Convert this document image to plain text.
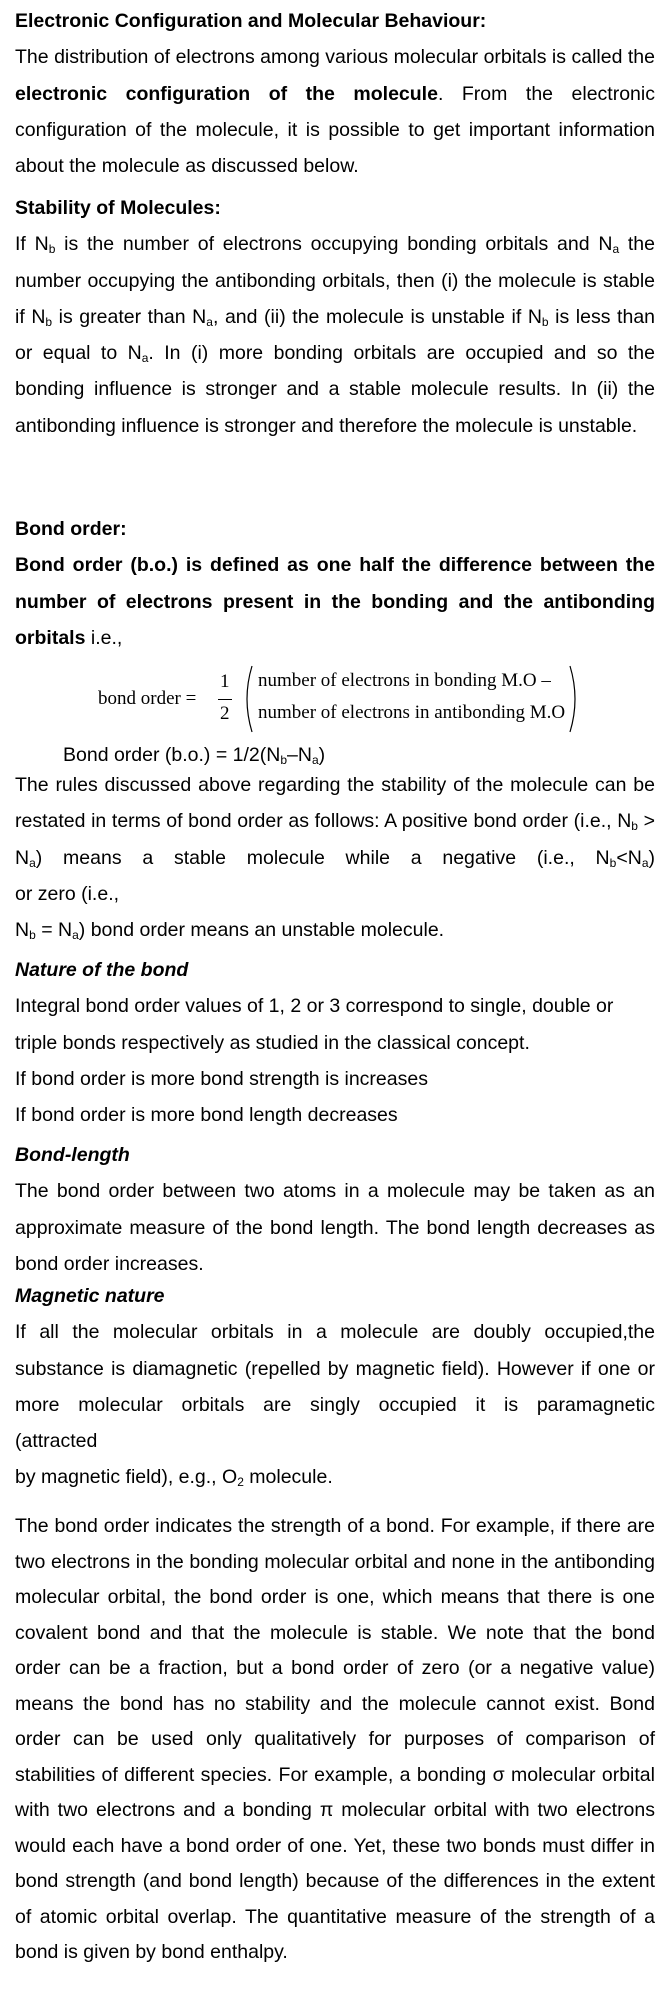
Electronic Configuration and Molecular Behaviour:
The distribution of electrons among various molecular orbitals is called the electronic configuration of the molecule. From the electronic configuration of the molecule, it is possible to get important information about the molecule as discussed below.
Stability of Molecules:
If $N_b$ is the number of electrons occupying bonding orbitals and $N_a$ the number occupying the antibonding orbitals, then (i) the molecule is stable if $N_b$ is greater than $N_a$, and (ii) the molecule is unstable if $N_b$ is less than or equal to $N_a$. In (i) more bonding orbitals are occupied and so the bonding influence is stronger and a stable molecule results. In (ii) the antibonding influence is stronger and therefore the molecule is unstable.
Bond order:
Bond order (b.o.) is defined as one half the difference between the number of electrons present in the bonding and the antibonding orbitals i.e.,
bond order =
1
2
number of electrons in bonding M.O –
number of electrons in antibonding M.O
Bond order $(b.o.) = 1/2(N_b-N_a)$
The rules discussed above regarding the stability of the molecule can be restated in terms of bond order as follows: A positive bond order (i.e., $N_b > N_a$) means a stable molecule while a negative (i.e., $N_b<N_a$)
or zero (i.e.,
$N_b = N_a$) bond order means an unstable molecule.
Nature of the bond
Integral bond order values of 1, 2 or 3 correspond to single, double or
triple bonds respectively as studied in the classical concept.
If bond order is more bond strength is increases
If bond order is more bond length decreases
Bond-length
The bond order between two atoms in a molecule may be taken as an approximate measure of the bond length. The bond length decreases as bond order increases.
Magnetic nature
If all the molecular orbitals in a molecule are doubly occupied,the substance is diamagnetic (repelled by magnetic field). However if one or more molecular orbitals are singly occupied it is paramagnetic
(attracted
by magnetic field), e.g., $O_2$ molecule.
The bond order indicates the strength of a bond. For example, if there are two electrons in the bonding molecular orbital and none in the antibonding molecular orbital, the bond order is one, which means that there is one covalent bond and that the molecule is stable. We note that the bond order can be a fraction, but a bond order of zero (or a negative value) means the bond has no stability and the molecule cannot exist. Bond order can be used only qualitatively for purposes of comparison of stabilities of different species. For example, a bonding σ molecular orbital with two electrons and a bonding π molecular orbital with two electrons would each have a bond order of one. Yet, these two bonds must differ in bond strength (and bond length) because of the differences in the extent of atomic orbital overlap. The quantitative measure of the strength of a bond is given by bond enthalpy.
